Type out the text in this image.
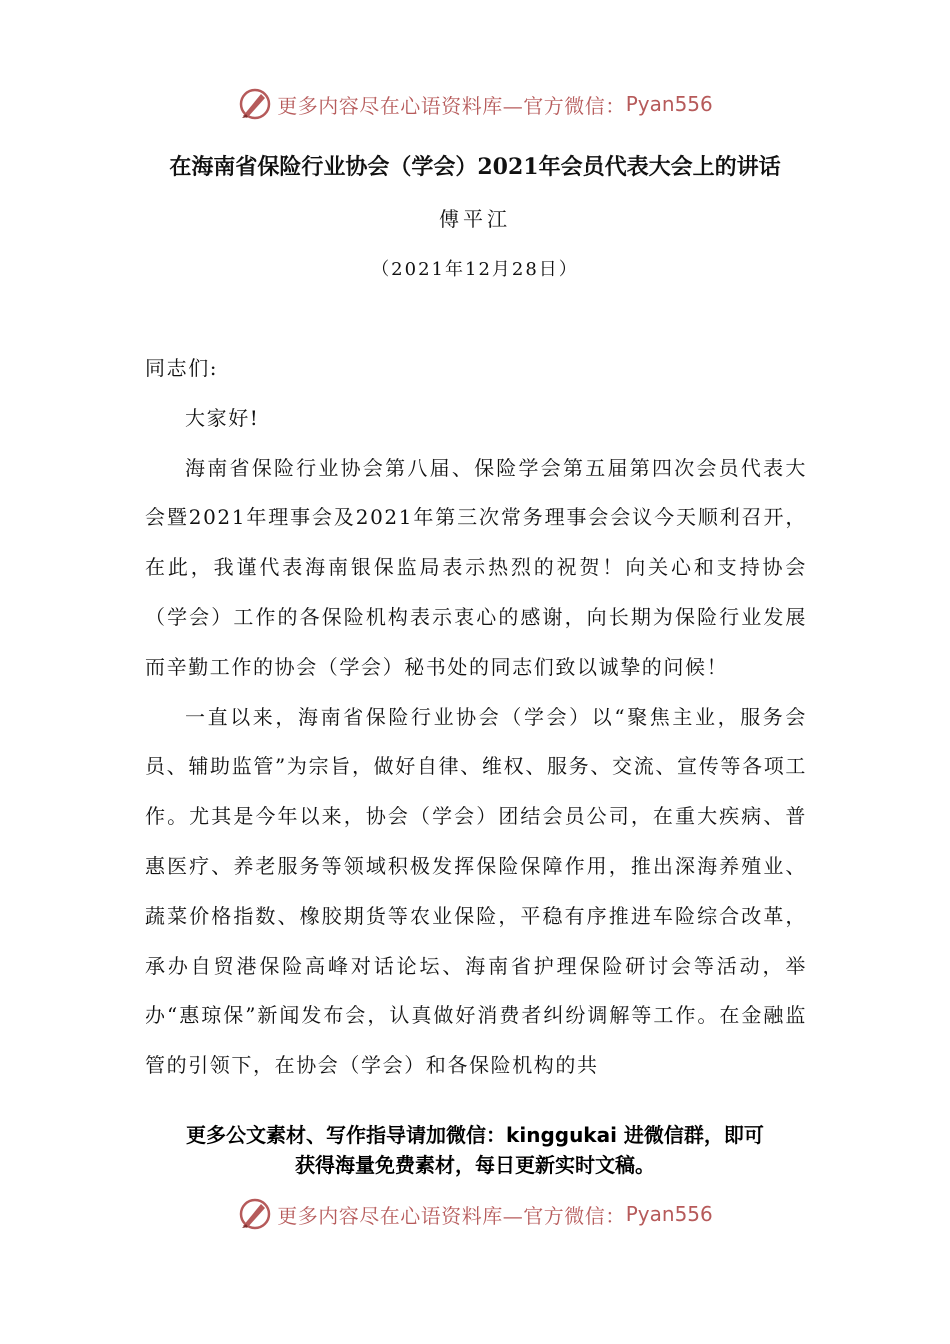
更多内容尽在心语资料库—官方微信： Pyan556
在海南省保险行业协会（学会）2021年会员代表大会上的讲话
傅平江
（2021年12月28日）

同志们:

大家好!

海南省保险行业协会第八届、保险学会第五届第四次会员代表大会暨2021年理事会及2021年第三次常务理事会会议今天顺利召开，在此，我谨代表海南银保监局表示热烈的祝贺！向关心和支持协会（学会）工作的各保险机构表示衷心的感谢，向长期为保险行业发展而辛勤工作的协会（学会）秘书处的同志们致以诚挚的问候！

一直以来，海南省保险行业协会（学会）以“聚焦主业，服务会员、辅助监管”为宗旨，做好自律、维权、服务、交流、宣传等各项工作。尤其是今年以来，协会（学会）团结会员公司，在重大疾病、普惠医疗、养老服务等领域积极发挥保险保障作用，推出深海养殖业、蔬菜价格指数、橡胶期货等农业保险，平稳有序推进车险综合改革，承办自贸港保险高峰对话论坛、海南省护理保险研讨会等活动，举办“惠琼保”新闻发布会，认真做好消费者纠纷调解等工作。在金融监管的引领下，在协会（学会）和各保险机构的共

更多公文素材、写作指导请加微信：kinggukai 进微信群，即可
获得海量免费素材，每日更新实时文稿。
更多内容尽在心语资料库—官方微信： Pyan556
